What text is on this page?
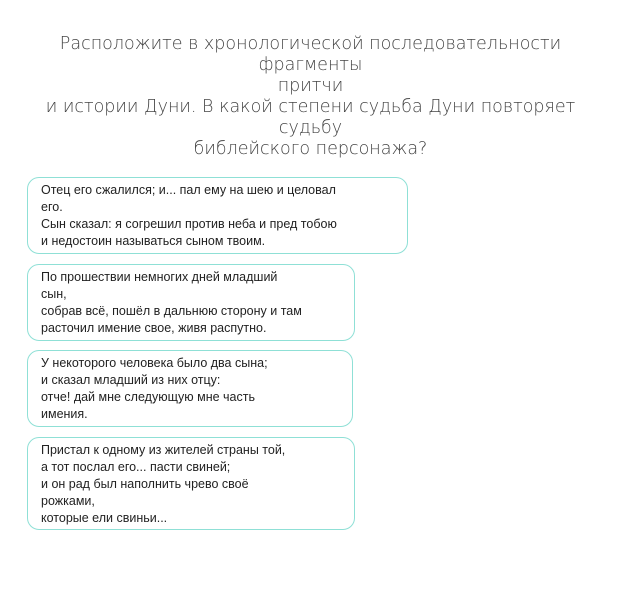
Расположите в хронологической последовательности фрагменты
притчи
и истории Дуни. В какой степени судьба Дуни повторяет судьбу
библейского персонажа?
Отец его сжалился; и... пал ему на шею и целовал
его.
Сын сказал: я согрешил против неба и пред тобою
и недостоин называться сыном твоим.
По прошествии немногих дней младший
сын,
собрав всё, пошёл в дальнюю сторону и там
расточил имение свое, живя распутно.
У некоторого человека было два сына;
и сказал младший из них отцу:
отче! дай мне следующую мне часть
имения.
Пристал к одному из жителей страны той,
а тот послал его... пасти свиней;
и он рад был наполнить чрево своё
рожками,
которые ели свиньи...
